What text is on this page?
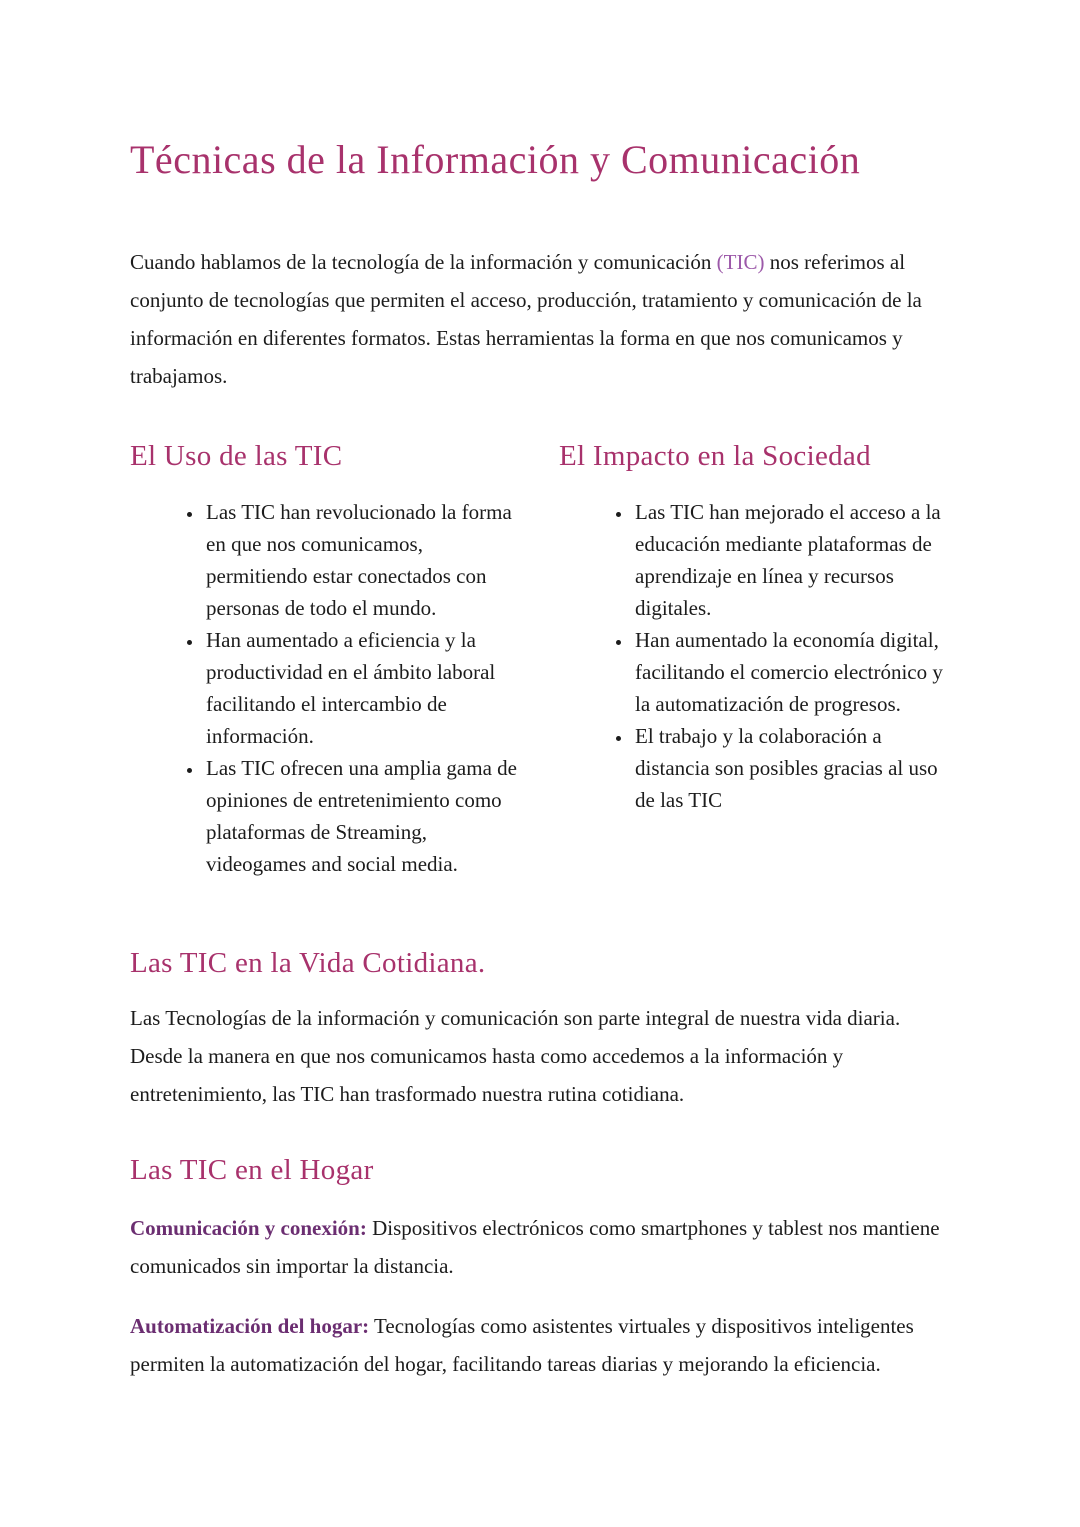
Técnicas de la Información y Comunicación

Cuando hablamos de la tecnología de la información y comunicación (TIC) nos referimos al conjunto de tecnologías que permiten el acceso, producción, tratamiento y comunicación de la información en diferentes formatos. Estas herramientas la forma en que nos comunicamos y trabajamos.

El Uso de las TIC
• Las TIC han revolucionado la forma en que nos comunicamos, permitiendo estar conectados con personas de todo el mundo.
• Han aumentado a eficiencia y la productividad en el ámbito laboral facilitando el intercambio de información.
• Las TIC ofrecen una amplia gama de opiniones de entretenimiento como plataformas de Streaming, videogames and social media.
El Impacto en la Sociedad
• Las TIC han mejorado el acceso a la educación mediante plataformas de aprendizaje en línea y recursos digitales.
• Han aumentado la economía digital, facilitando el comercio electrónico y la automatización de progresos.
• El trabajo y la colaboración a distancia son posibles gracias al uso de las TIC
Las TIC en la Vida Cotidiana.

Las Tecnologías de la información y comunicación son parte integral de nuestra vida diaria. Desde la manera en que nos comunicamos hasta como accedemos a la información y entretenimiento, las TIC han trasformado nuestra rutina cotidiana.

Las TIC en el Hogar

Comunicación y conexión: Dispositivos electrónicos como smartphones y tablest nos mantiene comunicados sin importar la distancia.

Automatización del hogar: Tecnologías como asistentes virtuales y dispositivos inteligentes permiten la automatización del hogar, facilitando tareas diarias y mejorando la eficiencia.
